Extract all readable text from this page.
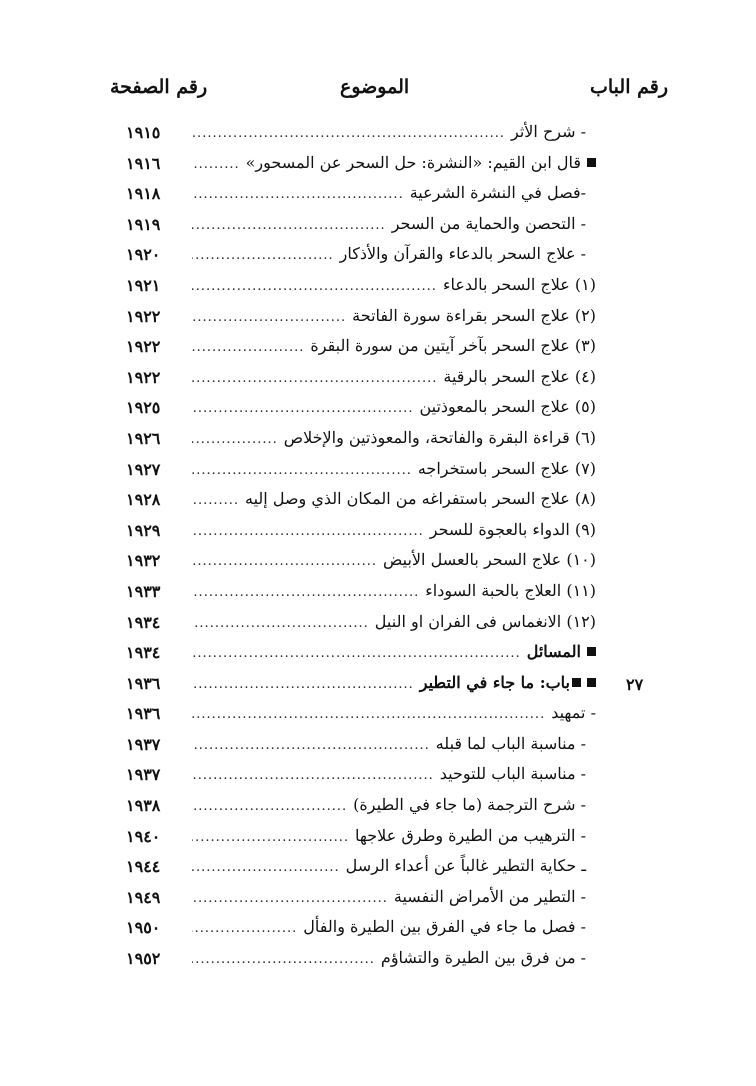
رقم الباب
الموضوع
رقم الصفحة
- شرح الأثر
.....
١٩١٥
قال ابن القيم: «النشرة: حل السحر عن المسحور»
.....
١٩١٦
-فصل في النشرة الشرعية
.....
١٩١٨
- التحصن والحماية من السحر
.....
١٩١٩
- علاج السحر بالدعاء والقرآن والأذكار
.....
١٩٢٠
(١) علاج السحر بالدعاء
.....
١٩٢١
(٢) علاج السحر بقراءة سورة الفاتحة
.....
١٩٢٢
(٣) علاج السحر بآخر آيتين من سورة البقرة
.....
١٩٢٢
(٤) علاج السحر بالرقية
.....
١٩٢٢
(٥) علاج السحر بالمعوذتين
.....
١٩٢٥
(٦) قراءة البقرة والفاتحة، والمعوذتين والإخلاص
.....
١٩٢٦
(٧) علاج السحر باستخراجه
.....
١٩٢٧
(٨) علاج السحر باستفراغه من المكان الذي وصل إليه
.....
١٩٢٨
(٩) الدواء بالعجوة للسحر
.....
١٩٢٩
(١٠) علاج السحر بالعسل الأبيض
.....
١٩٣٢
(١١) العلاج بالحبة السوداء
.....
١٩٣٣
(١٢) الانغماس فى الفران او النيل
.....
١٩٣٤
المسائل
.....
١٩٣٤
٢٧
باب: ما جاء في التطير
.....
١٩٣٦
- تمهيد
.....
١٩٣٦
- مناسبة الباب لما قبله
.....
١٩٣٧
- مناسبة الباب للتوحيد
.....
١٩٣٧
- شرح الترجمة (ما جاء في الطيرة)
.....
١٩٣٨
- الترهيب من الطيرة وطرق علاجها
.....
١٩٤٠
ـ حكاية التطير غالباً عن أعداء الرسل
.....
١٩٤٤
- التطير من الأمراض النفسية
.....
١٩٤٩
- فصل ما جاء في الفرق بين الطيرة والفأل
.....
١٩٥٠
- من فرق بين الطيرة والتشاؤم
.....
١٩٥٢
